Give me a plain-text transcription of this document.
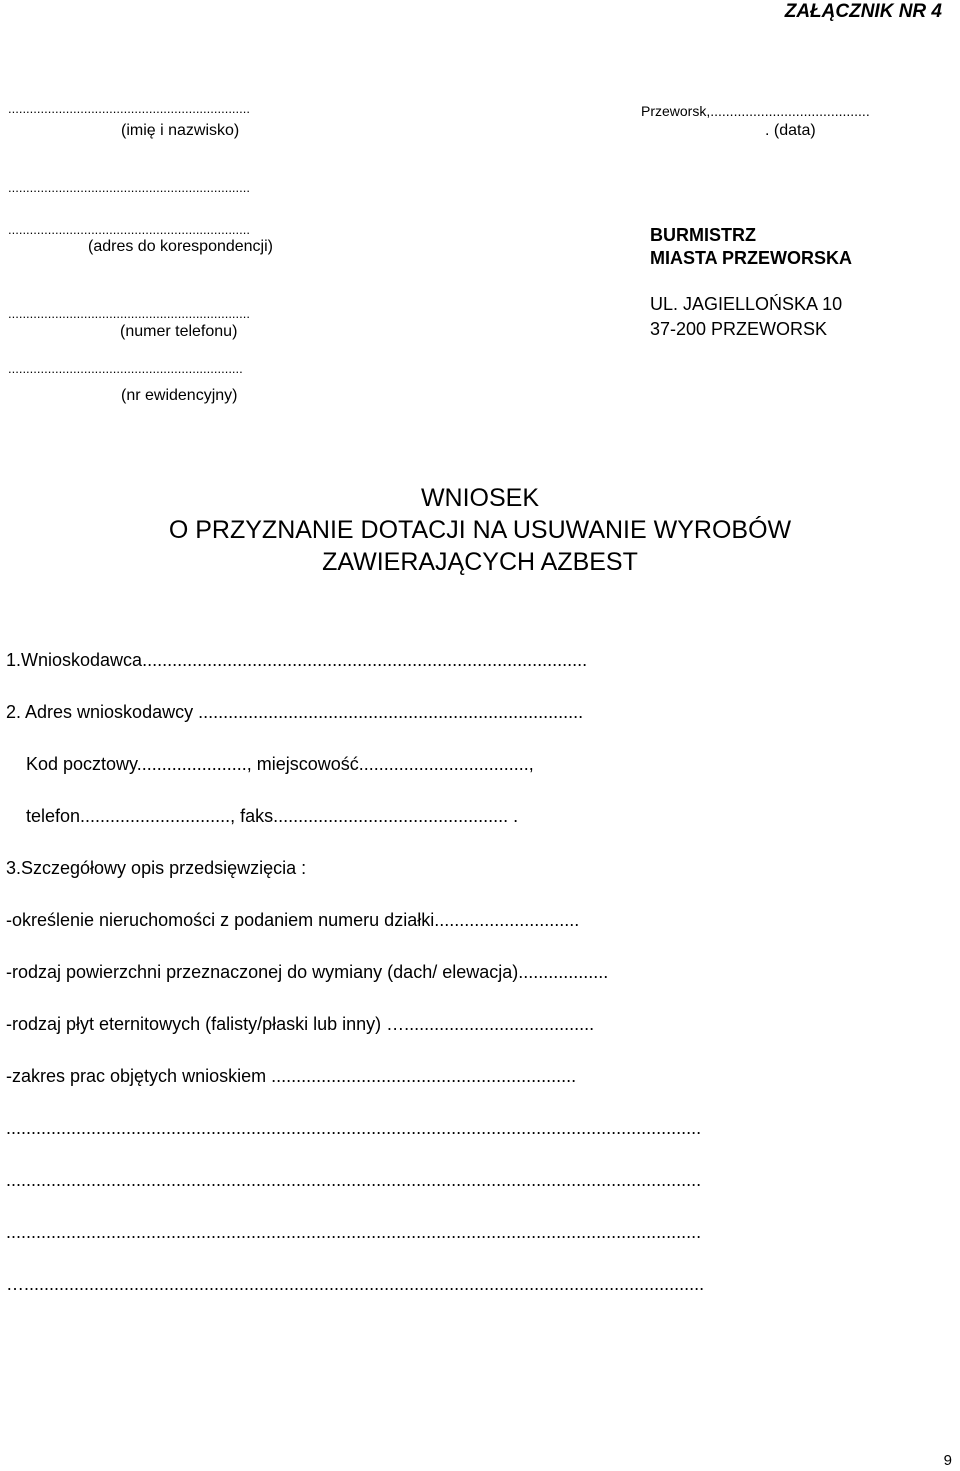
ZAŁĄCZNIK NR 4
...................................................................
(imię i nazwisko)
...................................................................
...................................................................
(adres do korespondencji)
...................................................................
(numer telefonu)
.................................................................
(nr ewidencyjny)
Przeworsk,.........................................
. (data)
BURMISTRZ
MIASTA PRZEWORSKA
UL. JAGIELLOŃSKA 10
37-200 PRZEWORSK
WNIOSEK
O PRZYZNANIE DOTACJI NA USUWANIE WYROBÓW
ZAWIERAJĄCYCH AZBEST
1.Wnioskodawca.........................................................................................
2. Adres wnioskodawcy .............................................................................
Kod pocztowy......................, miejscowość..................................,
telefon.............................., faks............................................... .
3.Szczegółowy opis przedsięwzięcia :
-określenie nieruchomości z podaniem numeru działki.............................
-rodzaj powierzchni przeznaczonej do wymiany (dach/ elewacja)..................
-rodzaj płyt eternitowych (falisty/płaski lub inny) …......................................
-zakres prac objętych wnioskiem .............................................................
...........................................................................................................................................
...........................................................................................................................................
...........................................................................................................................................
…........................................................................................................................................
9
